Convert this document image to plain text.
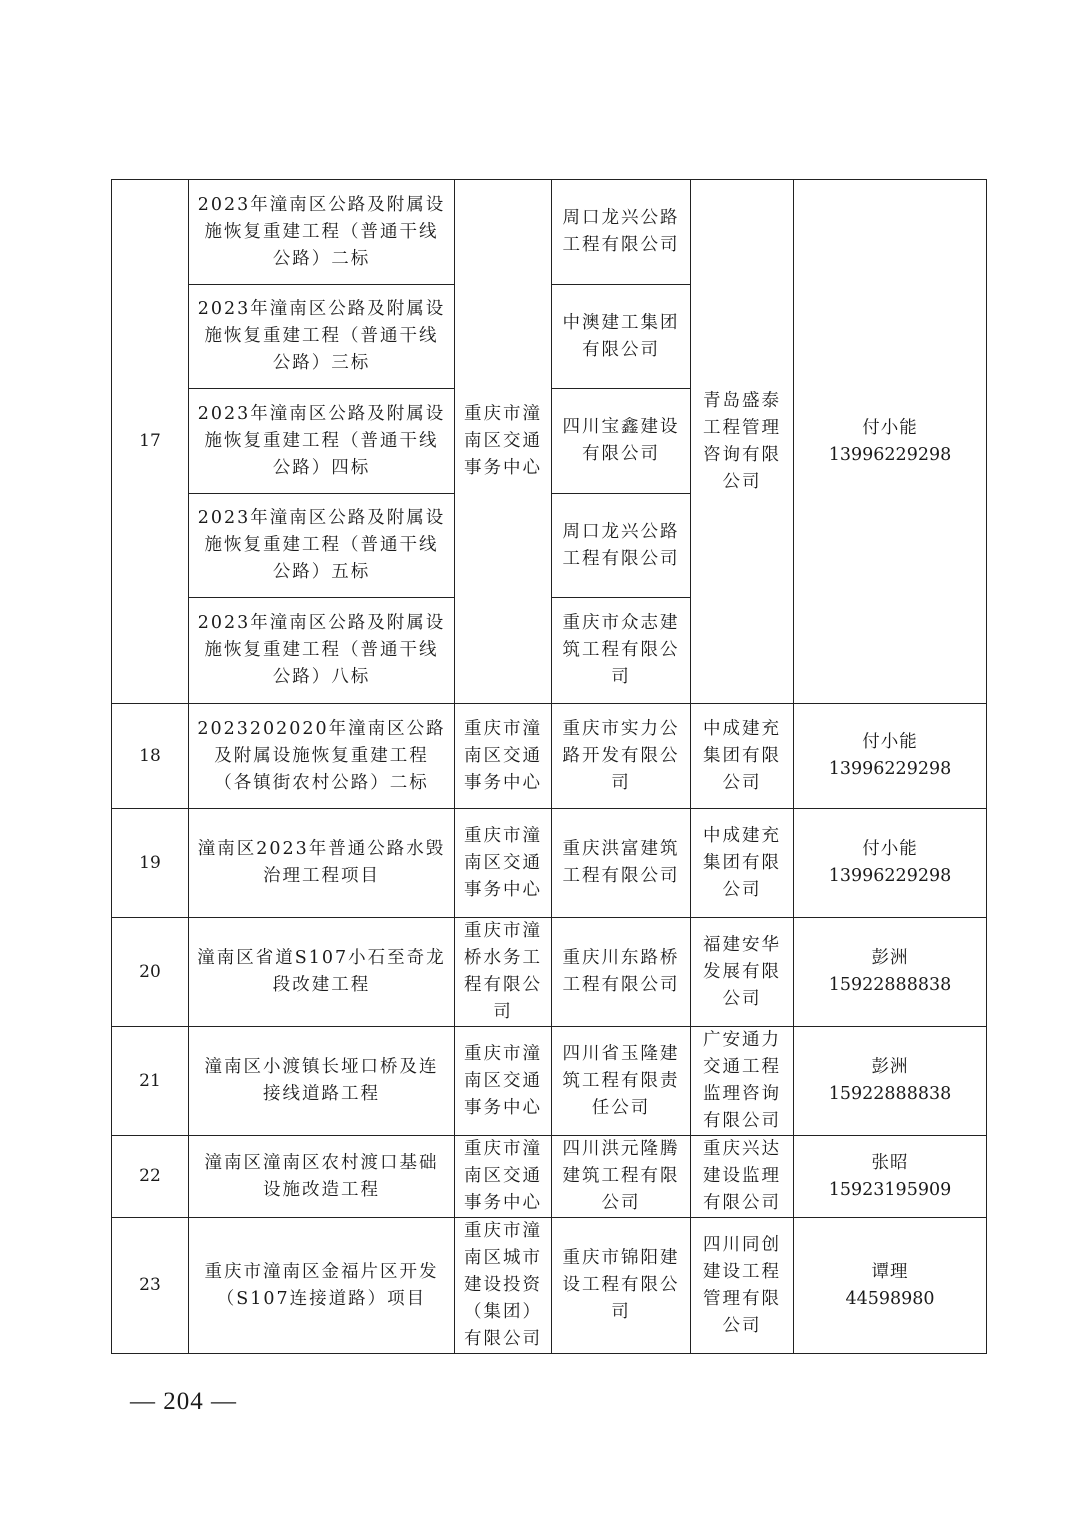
17	2023年潼南区公路及附属设施恢复重建工程（普通干线公路）二标	重庆市潼南区交通事务中心	周口龙兴公路工程有限公司	青岛盛泰工程管理咨询有限公司	付小能
13996229298

	2023年潼南区公路及附属设施恢复重建工程（普通干线公路）三标		中澳建工集团有限公司		
	2023年潼南区公路及附属设施恢复重建工程（普通干线公路）四标		四川宝鑫建设有限公司		
	2023年潼南区公路及附属设施恢复重建工程（普通干线公路）五标		周口龙兴公路工程有限公司		
	2023年潼南区公路及附属设施恢复重建工程（普通干线公路）八标		重庆市众志建筑工程有限公司		
18	2023202020年潼南区公路及附属设施恢复重建工程（各镇街农村公路）二标	重庆市潼南区交通事务中心	重庆市实力公路开发有限公司	中成建充集团有限公司	付小能
13996229298

19	潼南区2023年普通公路水毁治理工程项目	重庆市潼南区交通事务中心	重庆洪富建筑工程有限公司	中成建充集团有限公司	付小能
13996229298

20	潼南区省道S107小石至奇龙段改建工程	重庆市潼桥水务工程有限公司	重庆川东路桥工程有限公司	福建安华发展有限公司	彭洲
15922888838

21	潼南区小渡镇长垭口桥及连接线道路工程	重庆市潼南区交通事务中心	四川省玉隆建筑工程有限责任公司	广安通力交通工程监理咨询有限公司	彭洲
15922888838

22	潼南区潼南区农村渡口基础设施改造工程	重庆市潼南区交通事务中心	四川洪元隆腾建筑工程有限公司	重庆兴达建设监理有限公司	张昭
15923195909

23	重庆市潼南区金福片区开发（S107连接道路）项目	重庆市潼南区城市建设投资（集团）有限公司	重庆市锦阳建设工程有限公司	四川同创建设工程管理有限公司	谭理
44598980
— 204 —
